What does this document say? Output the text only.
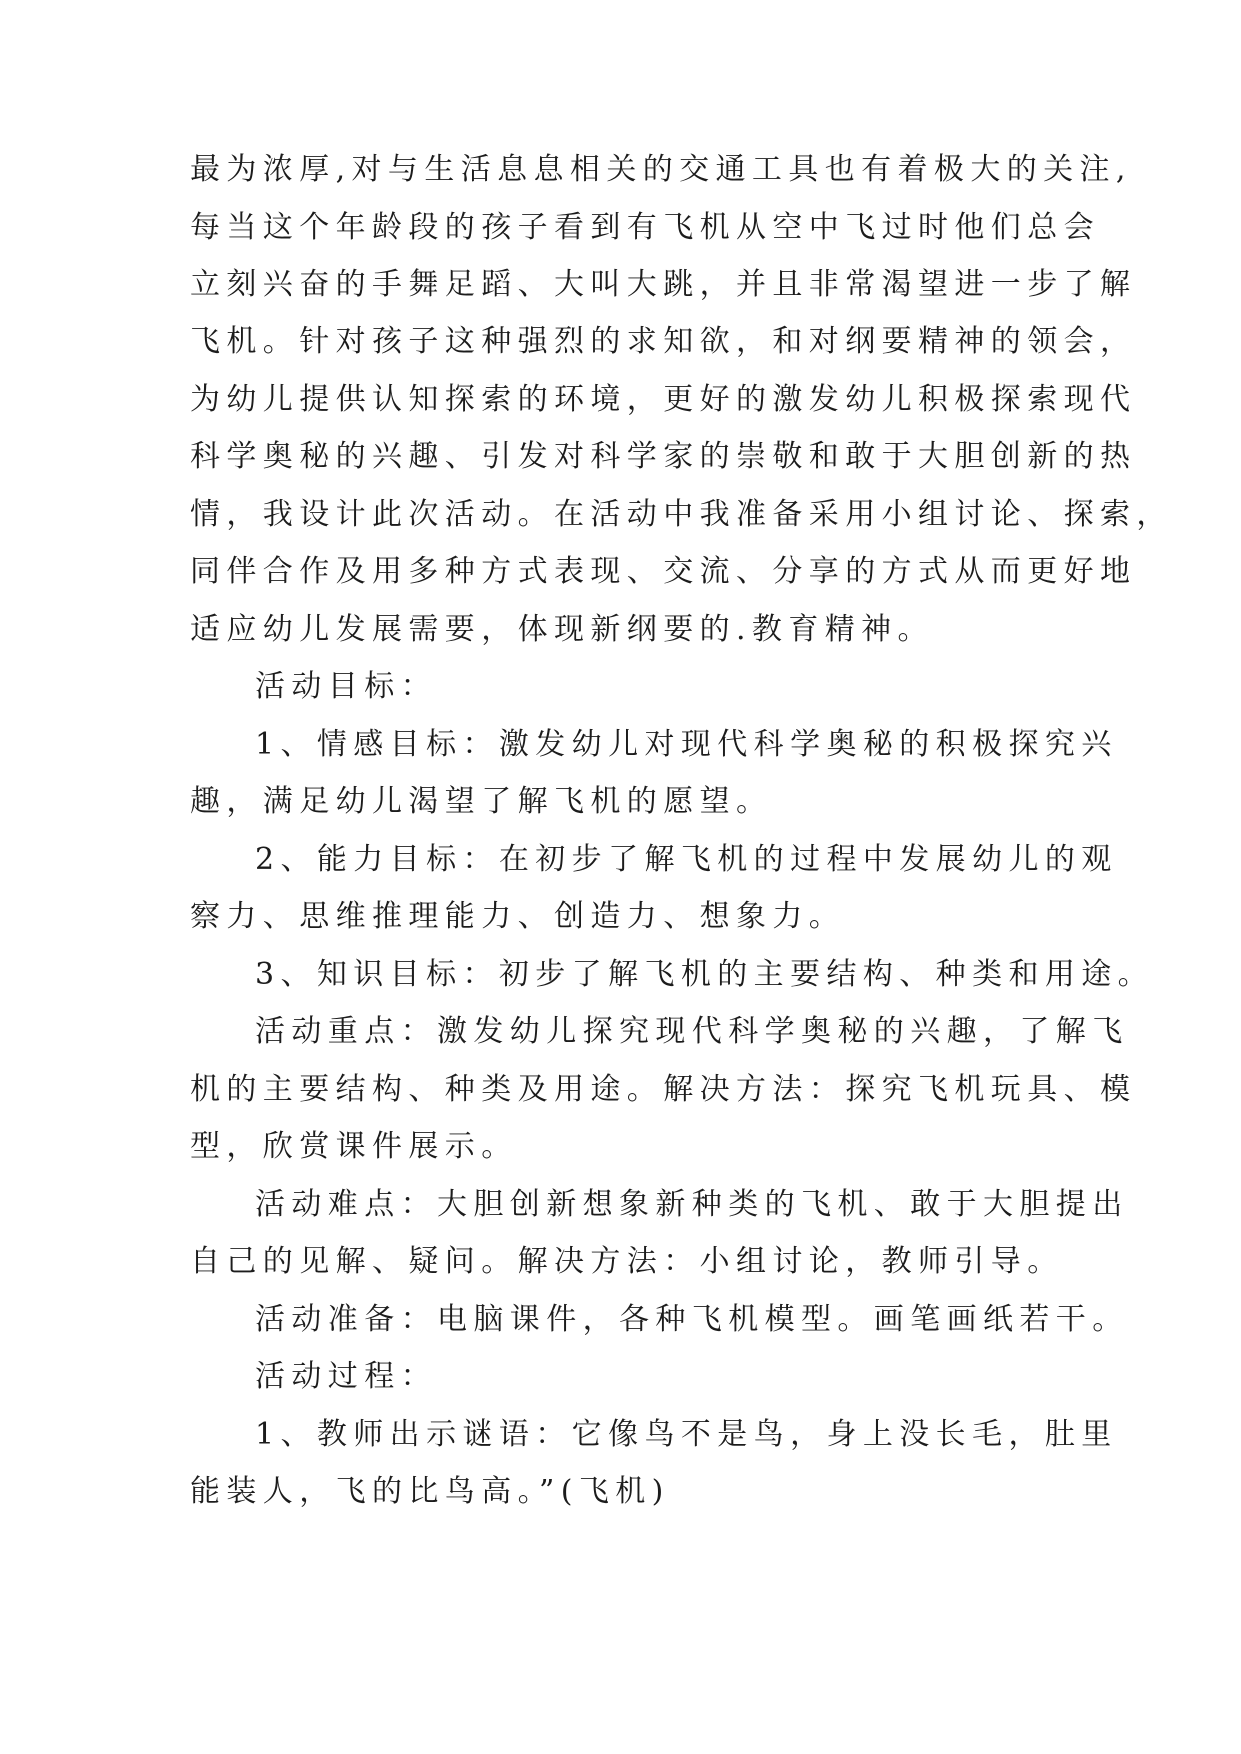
最为浓厚,对与生活息息相关的交通工具也有着极大的关注,
每当这个年龄段的孩子看到有飞机从空中飞过时他们总会
立刻兴奋的手舞足蹈、大叫大跳，并且非常渴望进一步了解
飞机。针对孩子这种强烈的求知欲，和对纲要精神的领会，
为幼儿提供认知探索的环境，更好的激发幼儿积极探索现代
科学奥秘的兴趣、引发对科学家的崇敬和敢于大胆创新的热
情，我设计此次活动。在活动中我准备采用小组讨论、探索，
同伴合作及用多种方式表现、交流、分享的方式从而更好地
适应幼儿发展需要，体现新纲要的.教育精神。
活动目标：
1、情感目标：激发幼儿对现代科学奥秘的积极探究兴
趣，满足幼儿渴望了解飞机的愿望。
2、能力目标：在初步了解飞机的过程中发展幼儿的观
察力、思维推理能力、创造力、想象力。
3、知识目标：初步了解飞机的主要结构、种类和用途。
活动重点：激发幼儿探究现代科学奥秘的兴趣，了解飞
机的主要结构、种类及用途。解决方法：探究飞机玩具、模
型，欣赏课件展示。
活动难点：大胆创新想象新种类的飞机、敢于大胆提出
自己的见解、疑问。解决方法：小组讨论，教师引导。
活动准备：电脑课件，各种飞机模型。画笔画纸若干。
活动过程：
1、教师出示谜语：它像鸟不是鸟，身上没长毛，肚里
能装人，飞的比鸟高。”(飞机)
